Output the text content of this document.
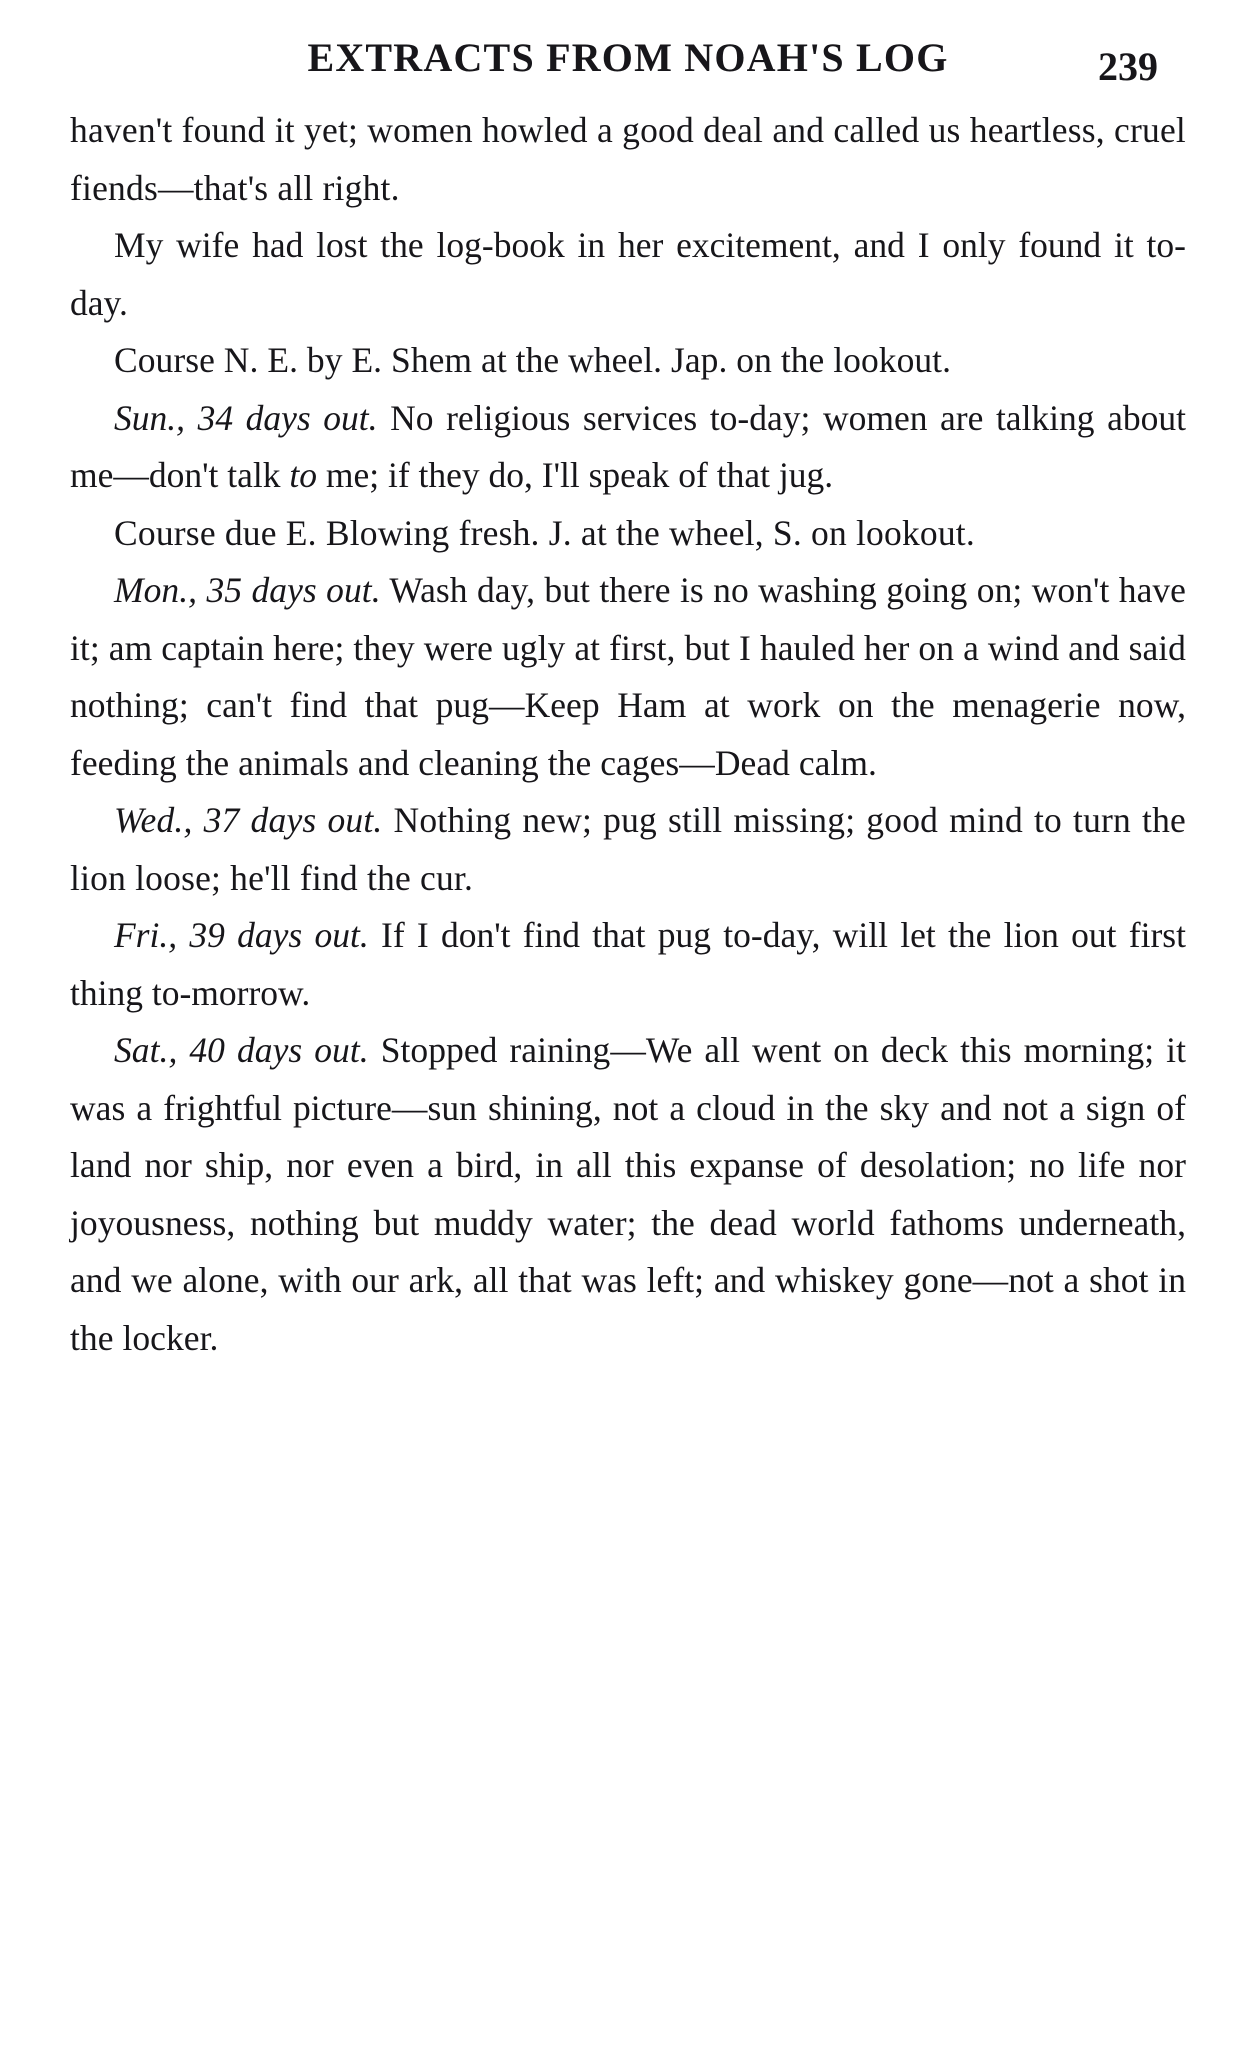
EXTRACTS FROM NOAH'S LOG	239

haven't found it yet; women howled a good deal and called us heartless, cruel fiends—that's all right.

My wife had lost the log-book in her excitement, and I only found it to-day.

Course N. E. by E. Shem at the wheel. Jap. on the lookout.

Sun., 34 days out. No religious services to-day; women are talking about me—don't talk to me; if they do, I'll speak of that jug.

Course due E. Blowing fresh. J. at the wheel, S. on lookout.

Mon., 35 days out. Wash day, but there is no washing going on; won't have it; am captain here; they were ugly at first, but I hauled her on a wind and said nothing; can't find that pug—Keep Ham at work on the menagerie now, feeding the animals and cleaning the cages—Dead calm.

Wed., 37 days out. Nothing new; pug still missing; good mind to turn the lion loose; he'll find the cur.

Fri., 39 days out. If I don't find that pug to-day, will let the lion out first thing to-morrow.

Sat., 40 days out. Stopped raining—We all went on deck this morning; it was a frightful picture—sun shining, not a cloud in the sky and not a sign of land nor ship, nor even a bird, in all this expanse of desolation; no life nor joyousness, nothing but muddy water; the dead world fathoms underneath, and we alone, with our ark, all that was left; and whiskey gone—not a shot in the locker.
